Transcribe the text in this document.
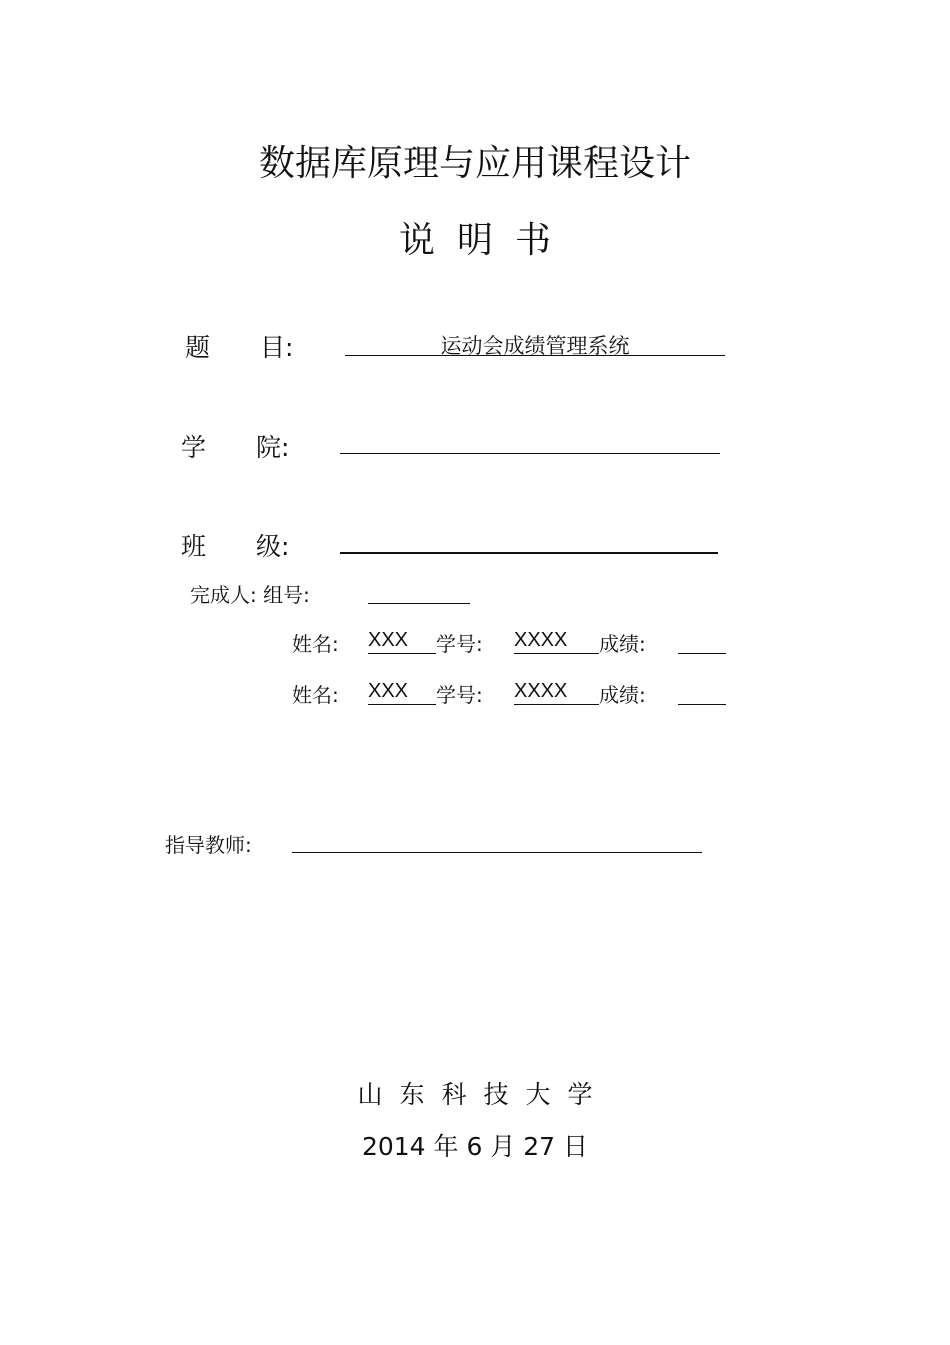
数据库原理与应用课程设计
说明书
题　　目:	运动会成绩管理系统
学　　院:
班　　级:
完成人: 组号:
姓名: XXX 学号: XXXX 成绩:
姓名: XXX 学号: XXXX 成绩:
指导教师:
山东科技大学
2014 年 6 月 27 日
